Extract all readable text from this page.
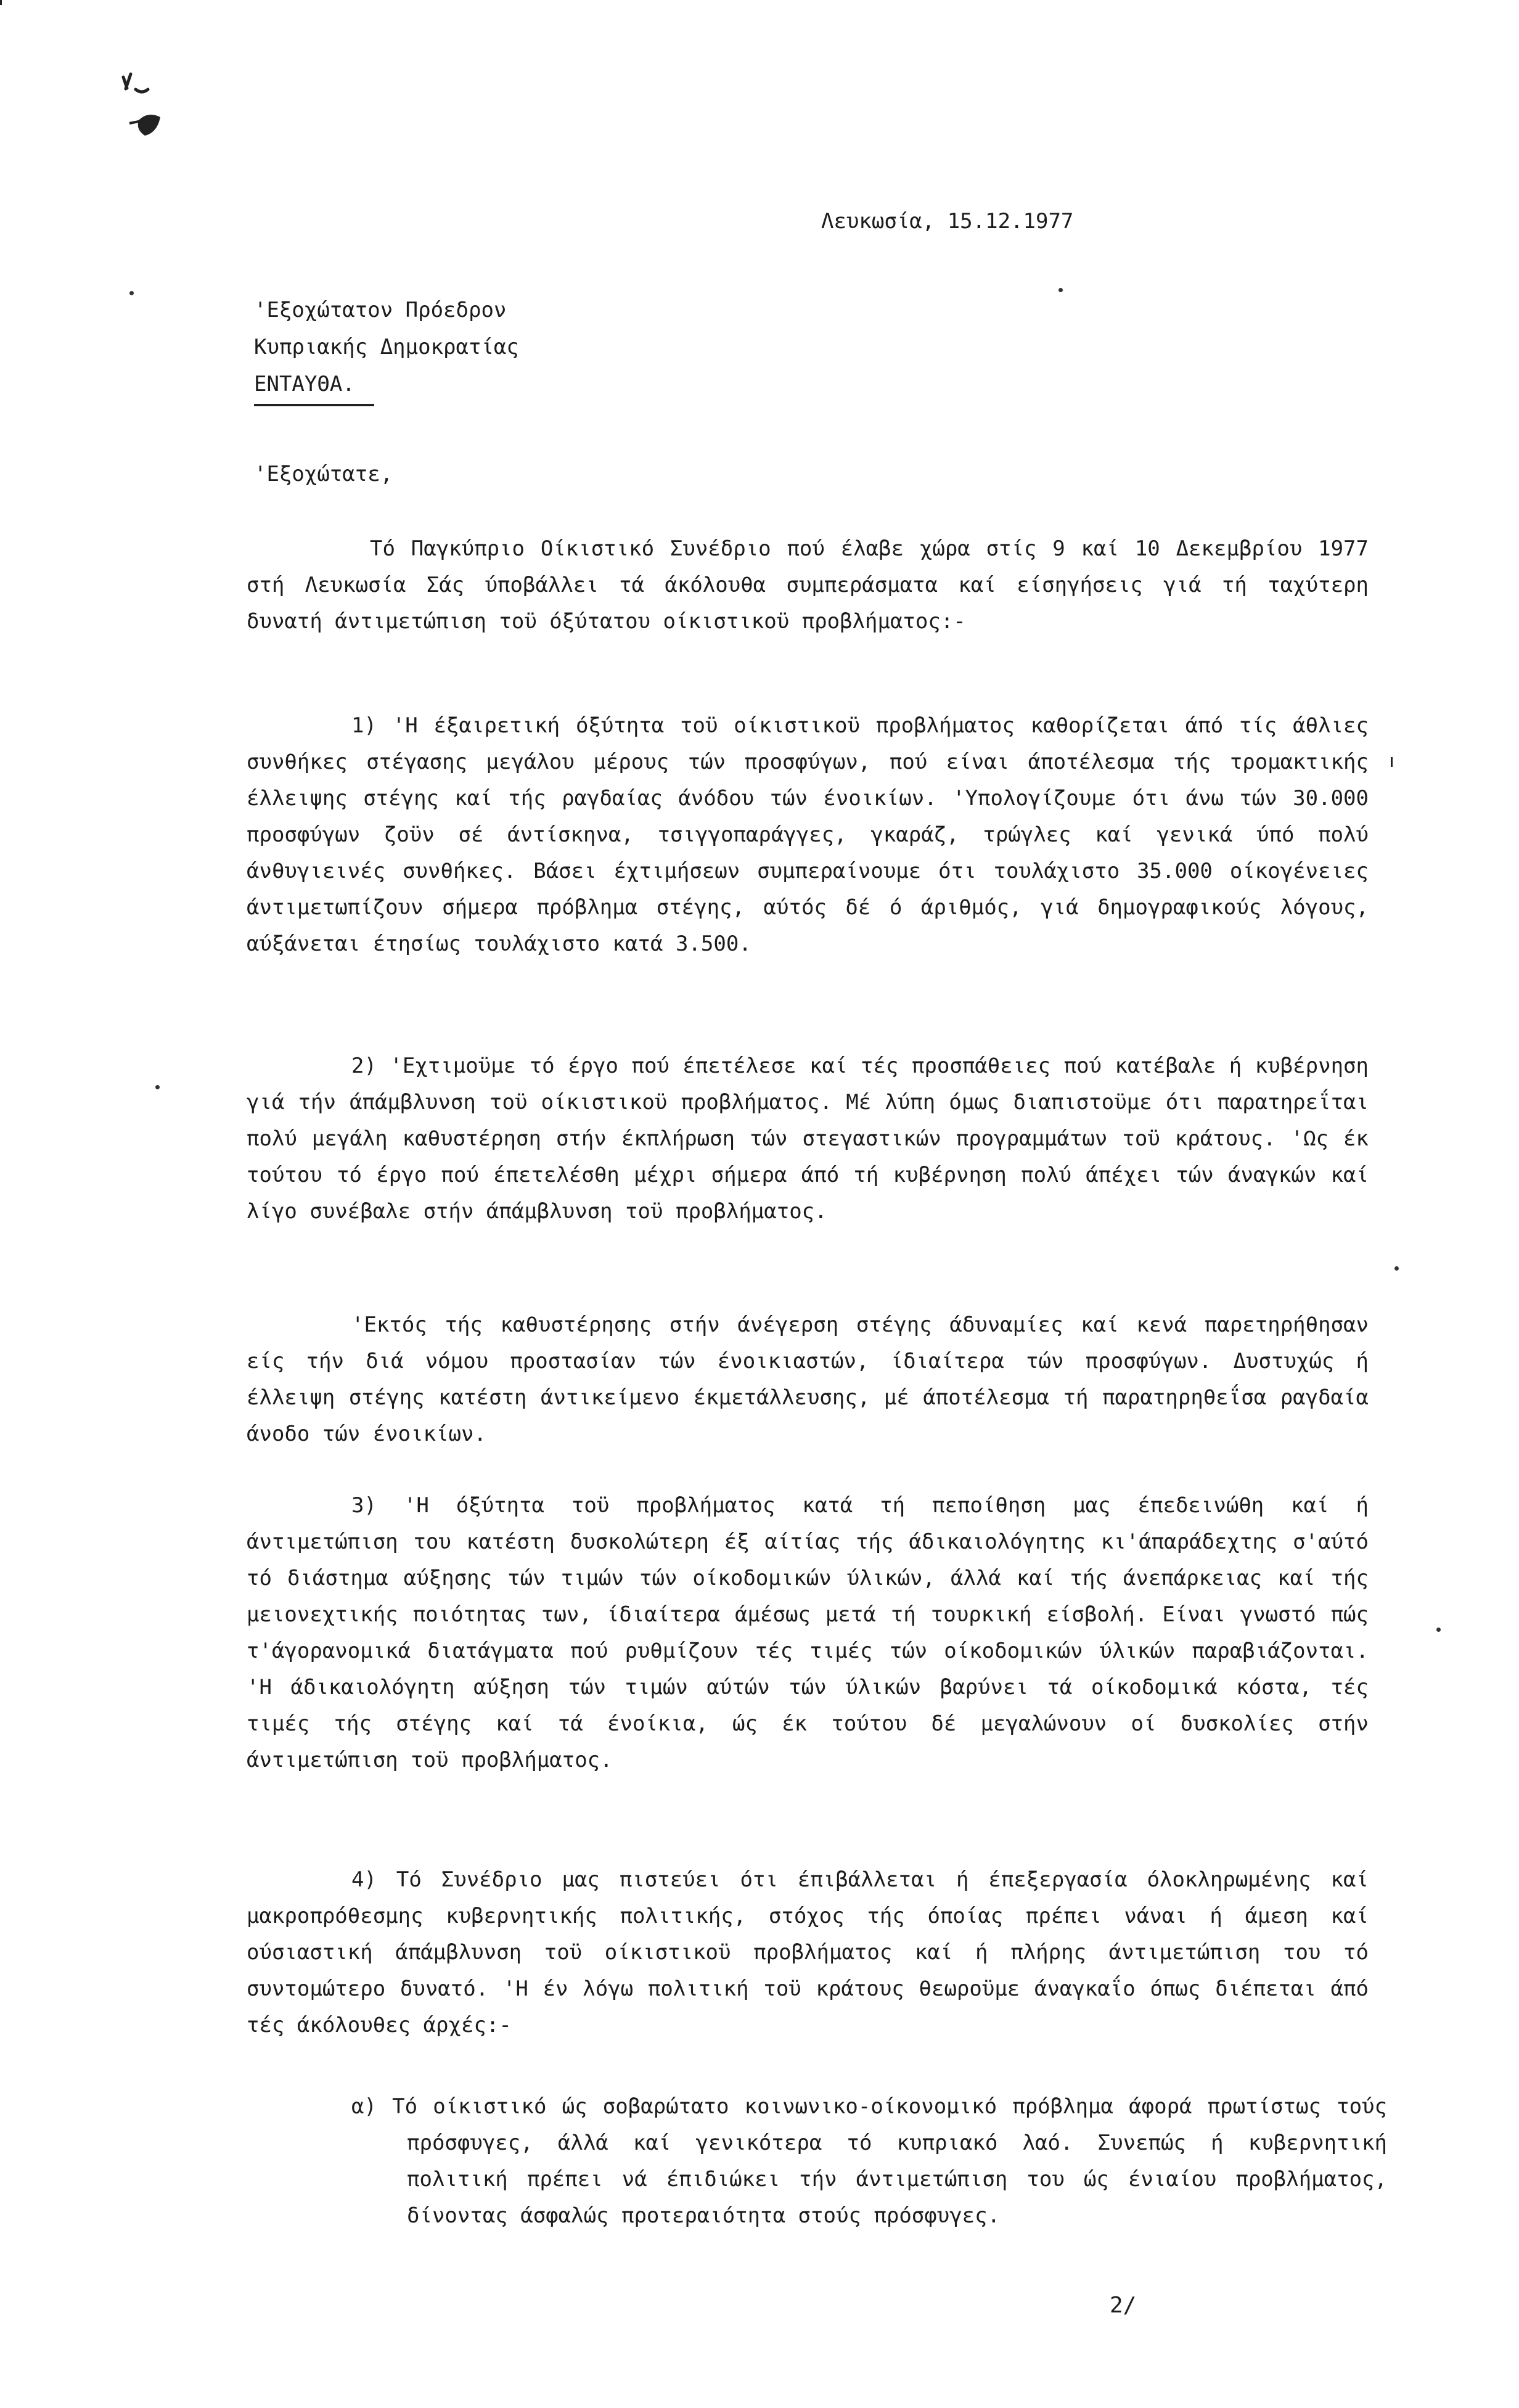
Λευκωσία, 15.12.1977
'Εξοχώτατον Πρόεδρον
Κυπριακής Δημοκρατίας
ΕΝΤΑΥΘΑ.
'Εξοχώτατε,
Τό Παγκύπριο Οίκιστικό Συνέδριο πού έλαβε χώρα στίς 9 καί 10 Δεκεμβρίου 1977 στή Λευκωσία Σάς ύποβάλλει τά άκόλουθα συμπεράσματα καί είσηγήσεις γιά τή ταχύτερη δυνατή άντιμετώπιση τοϋ όξύτατου οίκιστικοϋ προβλήματος:-
1) 'Η έξαιρετική όξύτητα τοϋ οίκιστικοϋ προβλήματος καθορίζεται άπό τίς άθλιες συνθήκες στέγασης μεγάλου μέρους τών προσφύγων, πού είναι άποτέλεσμα τής τρομακτικής έλλειψης στέγης καί τής ραγδαίας άνόδου τών ένοικίων. 'Υπολογίζουμε ότι άνω τών 30.000 προσφύγων ζοϋν σέ άντίσκηνα, τσιγγοπαράγγες, γκαράζ, τρώγλες καί γενικά ύπό πολύ άνθυγιεινές συνθήκες. Βάσει έχτιμήσεων συμπεραίνουμε ότι τουλάχιστο 35.000 οίκογένειες άντιμετωπίζουν σήμερα πρόβλημα στέγης, αύτός δέ ό άριθμός, γιά δημογραφικούς λόγους, αύξάνεται έτησίως τουλάχιστο κατά 3.500.
2) 'Εχτιμοϋμε τό έργο πού έπετέλεσε καί τές προσπάθειες πού κατέβαλε ή κυβέρνηση γιά τήν άπάμβλυνση τοϋ οίκιστικοϋ προβλήματος. Μέ λύπη όμως διαπιστοϋμε ότι παρατηρεΐται πολύ μεγάλη καθυστέρηση στήν έκπλήρωση τών στεγαστικών προγραμμάτων τοϋ κράτους. 'Ως έκ τούτου τό έργο πού έπετελέσθη μέχρι σήμερα άπό τή κυβέρνηση πολύ άπέχει τών άναγκών καί λίγο συνέβαλε στήν άπάμβλυνση τοϋ προβλήματος.
'Εκτός τής καθυστέρησης στήν άνέγερση στέγης άδυναμίες καί κενά παρετηρήθησαν είς τήν διά νόμου προστασίαν τών ένοικιαστών, ίδιαίτερα τών προσφύγων. Δυστυχώς ή έλλειψη στέγης κατέστη άντικείμενο έκμετάλλευσης, μέ άποτέλεσμα τή παρατηρηθεΐσα ραγδαία άνοδο τών ένοικίων.
3) 'Η όξύτητα τοϋ προβλήματος κατά τή πεποίθηση μας έπεδεινώθη καί ή άντιμετώπιση του κατέστη δυσκολώτερη έξ αίτίας τής άδικαιολόγητης κι'άπαράδεχτης σ'αύτό τό διάστημα αύξησης τών τιμών τών οίκοδομικών ύλικών, άλλά καί τής άνεπάρκειας καί τής μειονεχτικής ποιότητας των, ίδιαίτερα άμέσως μετά τή τουρκική είσβολή. Είναι γνωστό πώς τ'άγορανομικά διατάγματα πού ρυθμίζουν τές τιμές τών οίκοδομικών ύλικών παραβιάζονται. 'Η άδικαιολόγητη αύξηση τών τιμών αύτών τών ύλικών βαρύνει τά οίκοδομικά κόστα, τές τιμές τής στέγης καί τά ένοίκια, ώς έκ τούτου δέ μεγαλώνουν οί δυσκολίες στήν άντιμετώπιση τοϋ προβλήματος.
4) Τό Συνέδριο μας πιστεύει ότι έπιβάλλεται ή έπεξεργασία όλοκληρωμένης καί μακροπρόθεσμης κυβερνητικής πολιτικής, στόχος τής όποίας πρέπει νάναι ή άμεση καί ούσιαστική άπάμβλυνση τοϋ οίκιστικοϋ προβλήματος καί ή πλήρης άντιμετώπιση του τό συντομώτερο δυνατό. 'Η έν λόγω πολιτική τοϋ κράτους θεωροϋμε άναγκαΐο όπως διέπεται άπό τές άκόλουθες άρχές:-
α) Τό οίκιστικό ώς σοβαρώτατο κοινωνικο-οίκονομικό πρόβλημα άφορά πρωτίστως τούς πρόσφυγες, άλλά καί γενικότερα τό κυπριακό λαό. Συνεπώς ή κυβερνητική πολιτική πρέπει νά έπιδιώκει τήν άντιμετώπιση του ώς ένιαίου προβλήματος, δίνοντας άσφαλώς προτεραιότητα στούς πρόσφυγες.
2/
